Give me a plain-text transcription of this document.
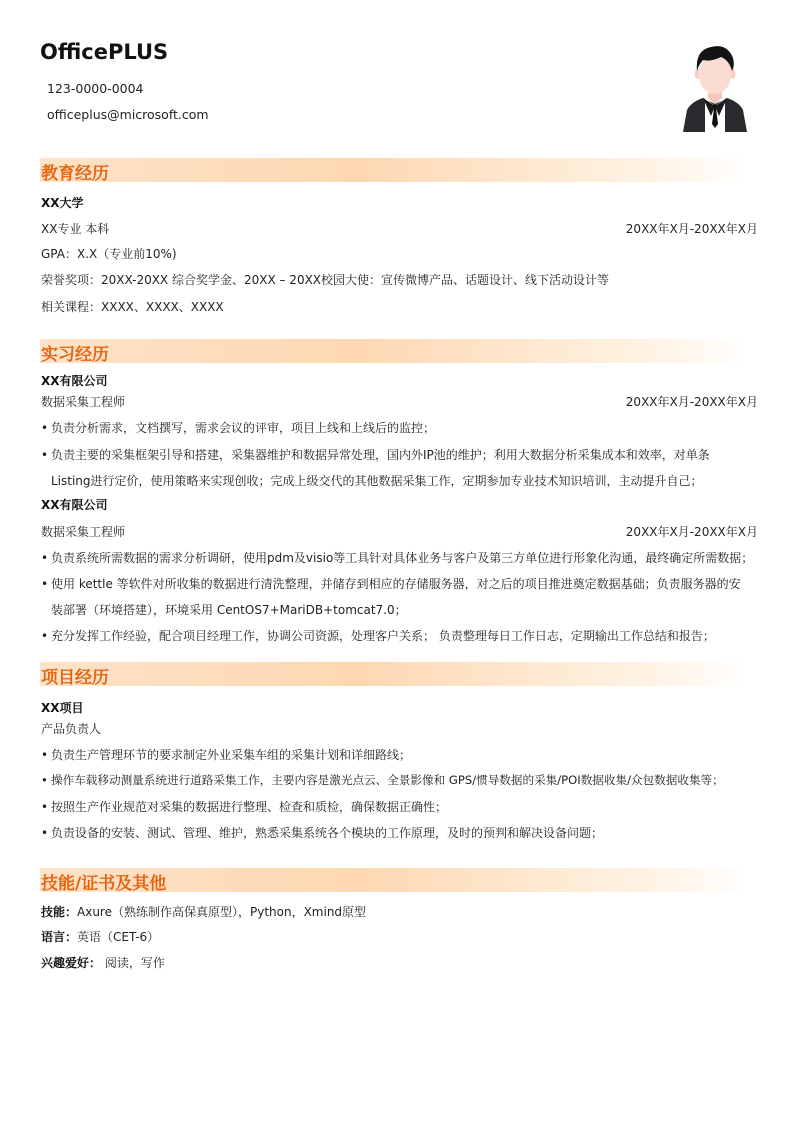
OfficePLUS
123-0000-0004
officeplus@microsoft.com
教育经历
XX大学
XX专业 本科	20XX年X月-20XX年X月
GPA：X.X（专业前10%)
荣誉奖项：20XX-20XX 综合奖学金、20XX – 20XX校园大使：宣传微博产品、话题设计、线下活动设计等
相关课程：XXXX、XXXX、XXXX
实习经历
XX有限公司
数据采集工程师	20XX年X月-20XX年X月
• 负责分析需求，文档撰写，需求会议的评审，项目上线和上线后的监控；
• 负责主要的采集框架引导和搭建，采集器维护和数据异常处理，国内外IP池的维护；利用大数据分析采集成本和效率，对单条
Listing进行定价，使用策略来实现创收；完成上级交代的其他数据采集工作，定期参加专业技术知识培训，主动提升自己；
XX有限公司
数据采集工程师	20XX年X月-20XX年X月
• 负责系统所需数据的需求分析调研，使用pdm及visio等工具针对具体业务与客户及第三方单位进行形象化沟通，最终确定所需数据；
• 使用 kettle 等软件对所收集的数据进行清洗整理，并储存到相应的存储服务器，对之后的项目推进奠定数据基础；负责服务器的安
装部署（环境搭建），环境采用 CentOS7+MariDB+tomcat7.0；
• 充分发挥工作经验，配合项目经理工作，协调公司资源，处理客户关系； 负责整理每日工作日志，定期输出工作总结和报告；
项目经历
XX项目
产品负责人
• 负责生产管理环节的要求制定外业采集车组的采集计划和详细路线；
• 操作车载移动测量系统进行道路采集工作，主要内容是激光点云、全景影像和 GPS/惯导数据的采集/POI数据收集/众包数据收集等；
• 按照生产作业规范对采集的数据进行整理、检查和质检，确保数据正确性；
• 负责设备的安装、测试、管理、维护，熟悉采集系统各个模块的工作原理，及时的预判和解决设备问题；
技能/证书及其他
技能：Axure（熟练制作高保真原型），Python，Xmind原型
语言：英语（CET-6）
兴趣爱好： 阅读，写作
